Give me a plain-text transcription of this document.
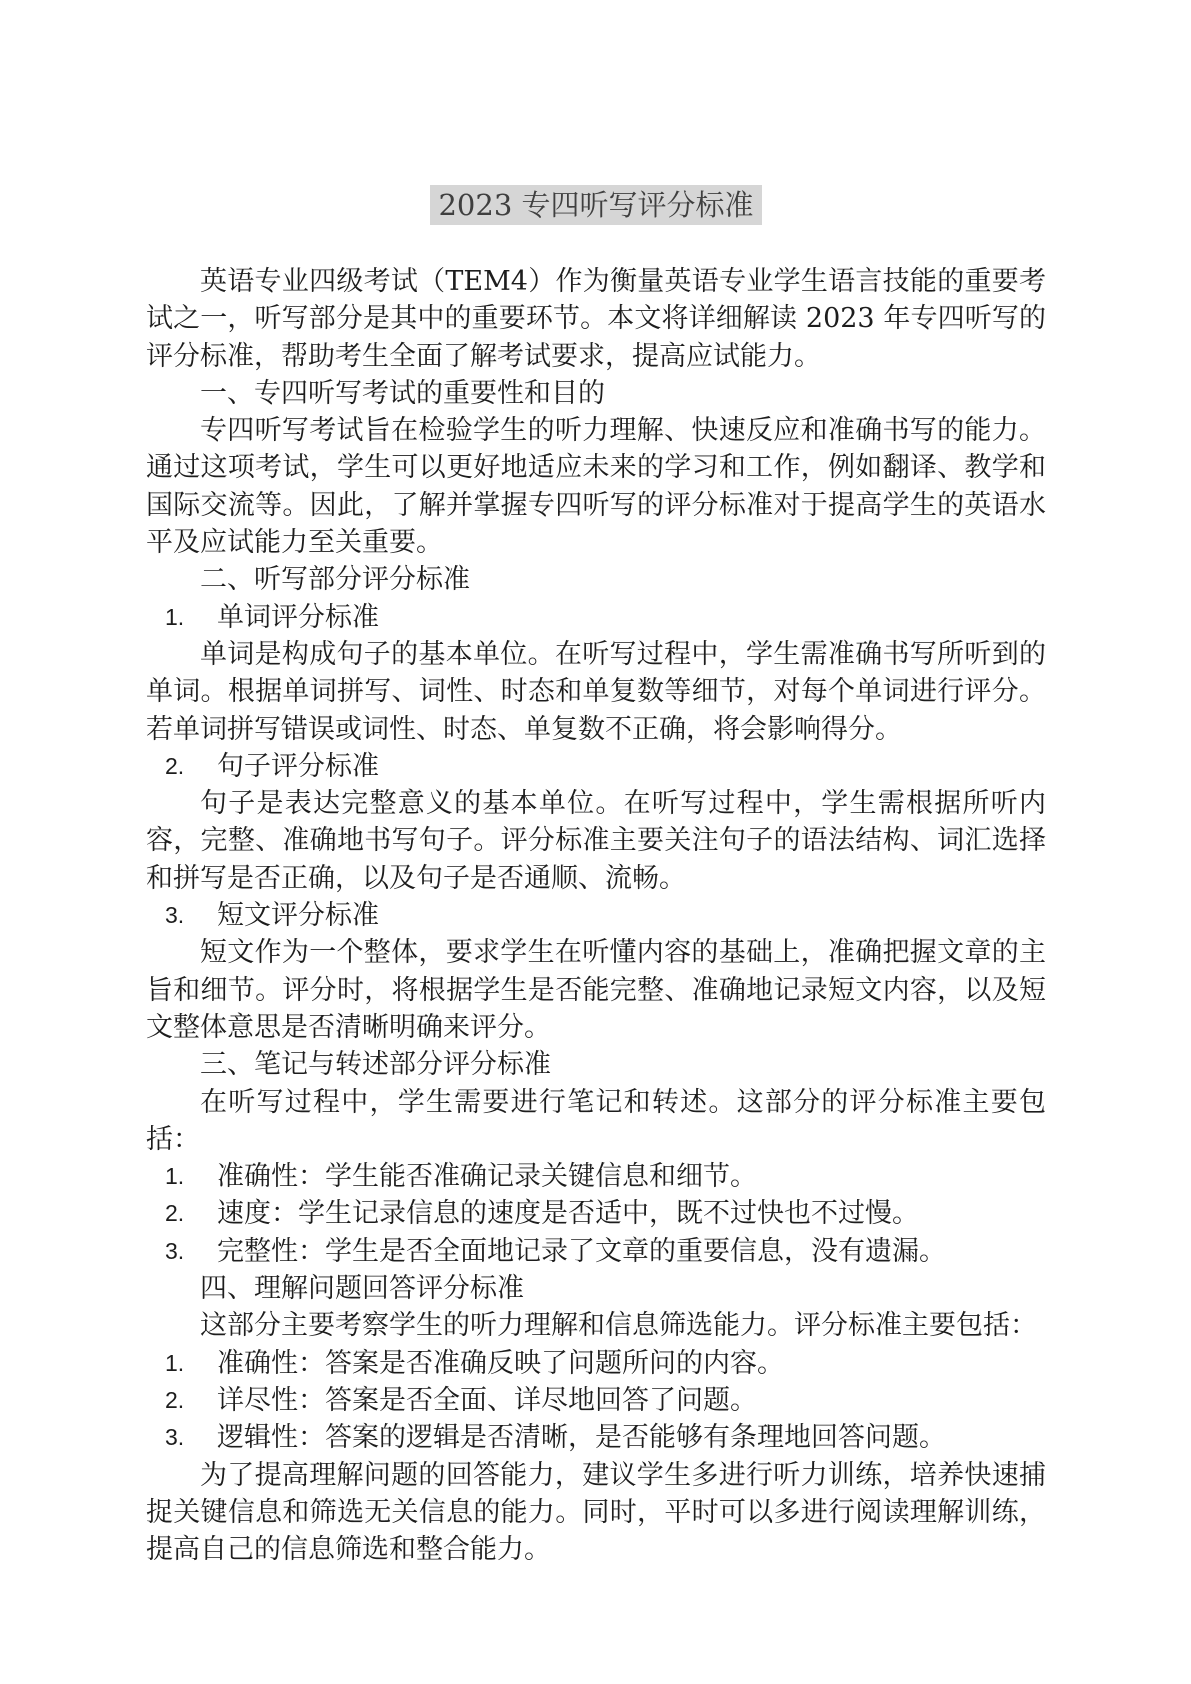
2023 专四听写评分标准

英语专业四级考试（TEM4）作为衡量英语专业学生语言技能的重要考试之一，听写部分是其中的重要环节。本文将详细解读 2023 年专四听写的评分标准，帮助考生全面了解考试要求，提高应试能力。

一、专四听写考试的重要性和目的

专四听写考试旨在检验学生的听力理解、快速反应和准确书写的能力。通过这项考试，学生可以更好地适应未来的学习和工作，例如翻译、教学和国际交流等。因此，了解并掌握专四听写的评分标准对于提高学生的英语水平及应试能力至关重要。

二、听写部分评分标准

1. 单词评分标准

单词是构成句子的基本单位。在听写过程中，学生需准确书写所听到的单词。根据单词拼写、词性、时态和单复数等细节，对每个单词进行评分。若单词拼写错误或词性、时态、单复数不正确，将会影响得分。

2. 句子评分标准

句子是表达完整意义的基本单位。在听写过程中，学生需根据所听内容，完整、准确地书写句子。评分标准主要关注句子的语法结构、词汇选择和拼写是否正确，以及句子是否通顺、流畅。

3. 短文评分标准

短文作为一个整体，要求学生在听懂内容的基础上，准确把握文章的主旨和细节。评分时，将根据学生是否能完整、准确地记录短文内容，以及短文整体意思是否清晰明确来评分。

三、笔记与转述部分评分标准

在听写过程中，学生需要进行笔记和转述。这部分的评分标准主要包括：

1. 准确性：学生能否准确记录关键信息和细节。
2. 速度：学生记录信息的速度是否适中，既不过快也不过慢。
3. 完整性：学生是否全面地记录了文章的重要信息，没有遗漏。

四、理解问题回答评分标准

这部分主要考察学生的听力理解和信息筛选能力。评分标准主要包括：

1. 准确性：答案是否准确反映了问题所问的内容。
2. 详尽性：答案是否全面、详尽地回答了问题。
3. 逻辑性：答案的逻辑是否清晰，是否能够有条理地回答问题。

为了提高理解问题的回答能力，建议学生多进行听力训练，培养快速捕捉关键信息和筛选无关信息的能力。同时，平时可以多进行阅读理解训练，提高自己的信息筛选和整合能力。
